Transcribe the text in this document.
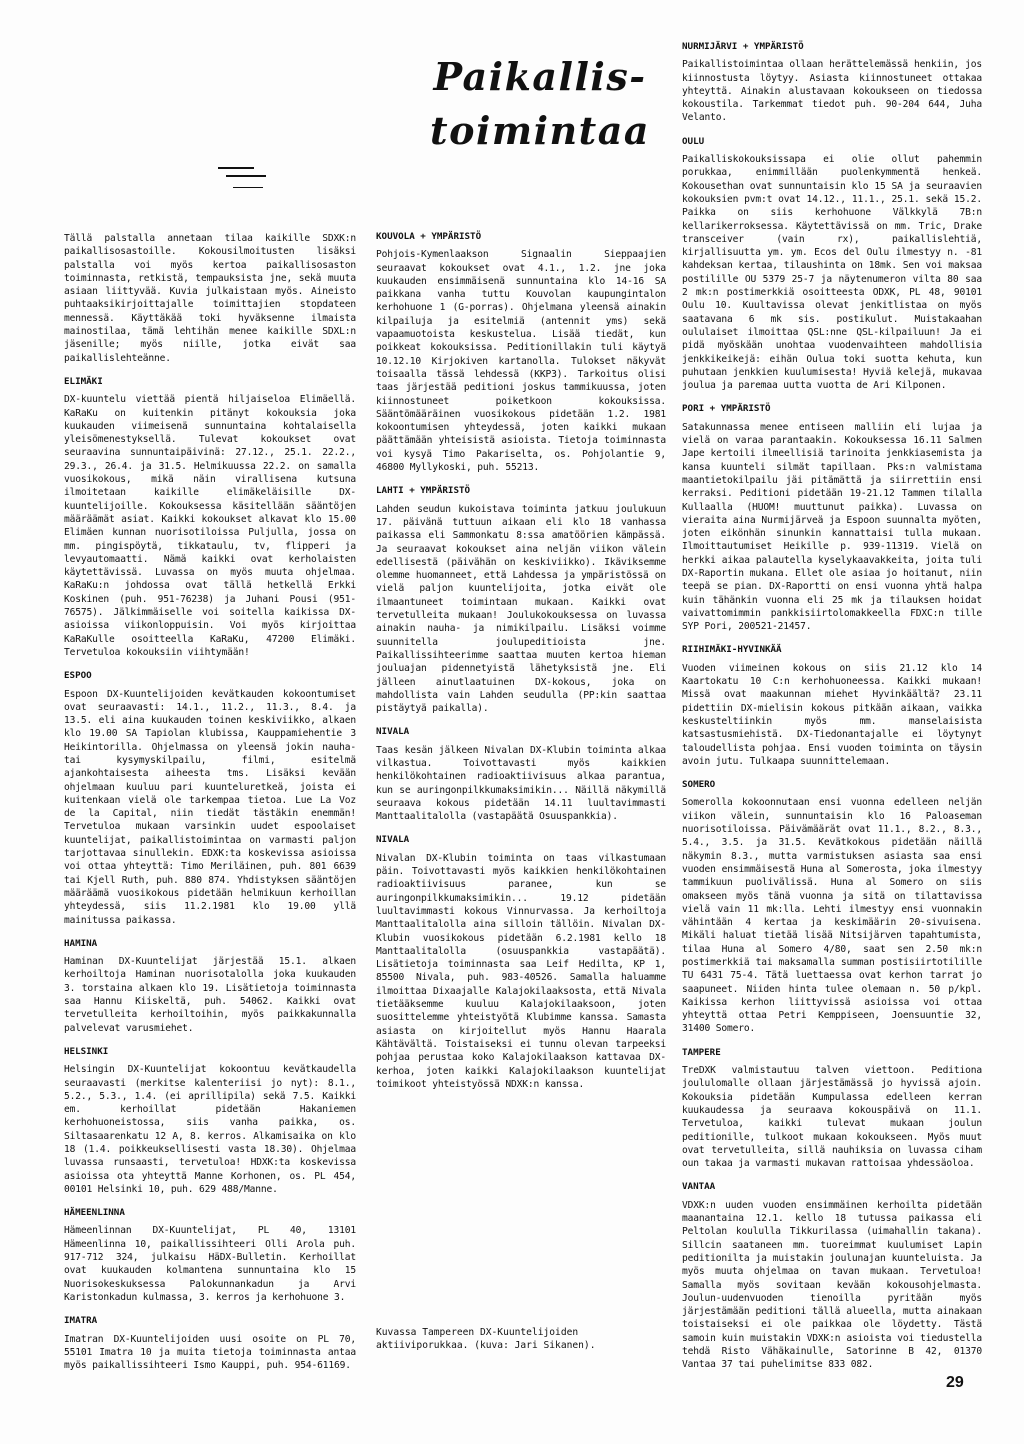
Paikallis-
toimintaa

Tällä palstalla annetaan tilaa kaikille SDXK:n paikallisosastoille. Kokousilmoitusten lisäksi palstalla voi myös kertoa paikallisosaston toiminnasta, retkistä, tempauksista jne, sekä muuta asiaan liittyvää. Kuvia julkaistaan myös. Aineisto puhtaaksikirjoittajalle toimittajien stopdateen mennessä. Käyttäkää toki hyväksenne ilmaista mainostilaa, tämä lehtihän menee kaikille SDXL:n jäsenille; myös niille, jotka eivät saa paikallislehteänne.

ELIMÄKI

DX-kuuntelu viettää pientä hiljaiseloa Elimäellä. KaRaKu on kuitenkin pitänyt kokouksia joka kuukauden viimeisenä sunnuntaina kohtalaisella yleisömenestyksellä. Tulevat kokoukset ovat seuraavina sunnuntaipäivinä: 27.12., 25.1. 22.2., 29.3., 26.4. ja 31.5. Helmikuussa 22.2. on samalla vuosikokous, mikä näin virallisena kutsuna ilmoitetaan kaikille elimäkeläisille DX-kuuntelijoille. Kokouksessa käsitellään sääntöjen määräämät asiat. Kaikki kokoukset alkavat klo 15.00 Elimäen kunnan nuorisotiloissa Puljulla, jossa on mm. pingispöytä, tikkataulu, tv, flipperi ja levyautomaatti. Nämä kaikki ovat kerholaisten käytettävissä. Luvassa on myös muuta ohjelmaa. KaRaKu:n johdossa ovat tällä hetkellä Erkki Koskinen (puh. 951-76238) ja Juhani Pousi (951-76575). Jälkimmäiselle voi soitella kaikissa DX-asioissa viikonloppuisin. Voi myös kirjoittaa KaRaKulle osoitteella KaRaKu, 47200 Elimäki. Tervetuloa kokouksiin viihtymään!

ESPOO

Espoon DX-Kuuntelijoiden kevätkauden kokoontumiset ovat seuraavasti: 14.1., 11.2., 11.3., 8.4. ja 13.5. eli aina kuukauden toinen keskiviikko, alkaen klo 19.00 SA Tapiolan klubissa, Kauppamiehentie 3 Heikintorilla. Ohjelmassa on yleensä jokin nauha- tai kysymyskilpailu, filmi, esitelmä ajankohtaisesta aiheesta tms. Lisäksi kevään ohjelmaan kuuluu pari kuunteluretkeä, joista ei kuitenkaan vielä ole tarkempaa tietoa. Lue La Voz de la Capital, niin tiedät tästäkin enemmän! Tervetuloa mukaan varsinkin uudet espoolaiset kuuntelijat, paikallistoimintaa on varmasti paljon tarjottavaa sinullekin. EDXK:ta koskevissa asioissa voi ottaa yhteyttä: Timo Meriläinen, puh. 801 6639 tai Kjell Ruth, puh. 880 874. Yhdistyksen sääntöjen määräämä vuosikokous pidetään helmikuun kerhoillan yhteydessä, siis 11.2.1981 klo 19.00 yllä mainitussa paikassa.

HAMINA

Haminan DX-Kuuntelijat järjestää 15.1. alkaen kerhoiltoja Haminan nuorisotalolla joka kuukauden 3. torstaina alkaen klo 19. Lisätietoja toiminnasta saa Hannu Kiiskeltä, puh. 54062. Kaikki ovat tervetulleita kerhoiltoihin, myös paikkakunnalla palvelevat varusmiehet.

HELSINKI

Helsingin DX-Kuuntelijat kokoontuu kevätkaudella seuraavasti (merkitse kalenteriisi jo nyt): 8.1., 5.2., 5.3., 1.4. (ei aprillipila) sekä 7.5. Kaikki em. kerhoillat pidetään Hakaniemen kerhohuoneistossa, siis vanha paikka, os. Siltasaarenkatu 12 A, 8. kerros. Alkamisaika on klo 18 (1.4. poikkeuksellisesti vasta 18.30). Ohjelmaa luvassa runsaasti, tervetuloa! HDXK:ta koskevissa asioissa ota yhteyttä Manne Korhonen, os. PL 454, 00101 Helsinki 10, puh. 629 488/Manne.

HÄMEENLINNA

Hämeenlinnan DX-Kuuntelijat, PL 40, 13101 Hämeenlinna 10, paikallissihteeri Olli Arola puh. 917-712 324, julkaisu HäDX-Bulletin. Kerhoillat ovat kuukauden kolmantena sunnuntaina klo 15 Nuorisokeskuksessa Palokunnankadun ja Arvi Karistonkadun kulmassa, 3. kerros ja kerhohuone 3.

IMATRA

Imatran DX-Kuuntelijoiden uusi osoite on PL 70, 55101 Imatra 10 ja muita tietoja toiminnasta antaa myös paikallissihteeri Ismo Kauppi, puh. 954-61169.

KOUVOLA + YMPÄRISTÖ

Pohjois-Kymenlaakson Signaalin Sieppaajien seuraavat kokoukset ovat 4.1., 1.2. jne joka kuukauden ensimmäisenä sunnuntaina klo 14-16 SA paikkana vanha tuttu Kouvolan kaupungintalon kerhohuone 1 (G-porras). Ohjelmana yleensä ainakin kilpailuja ja esitelmiä (antennit yms) sekä vapaamuotoista keskustelua. Lisää tiedät, kun poikkeat kokouksissa. Peditionillakin tuli käytyä 10.12.10 Kirjokiven kartanolla. Tulokset näkyvät toisaalla tässä lehdessä (KKP3). Tarkoitus olisi taas järjestää peditioni joskus tammikuussa, joten kiinnostuneet poiketkoon kokouksissa. Sääntömääräinen vuosikokous pidetään 1.2. 1981 kokoontumisen yhteydessä, joten kaikki mukaan päättämään yhteisistä asioista. Tietoja toiminnasta voi kysyä Timo Pakariselta, os. Pohjolantie 9, 46800 Myllykoski, puh. 55213.

LAHTI + YMPÄRISTÖ

Lahden seudun kukoistava toiminta jatkuu joulukuun 17. päivänä tuttuun aikaan eli klo 18 vanhassa paikassa eli Sammonkatu 8:ssa amatöörien kämpässä. Ja seuraavat kokoukset aina neljän viikon välein edellisestä (päivähän on keskiviikko). Ikäviksemme olemme huomanneet, että Lahdessa ja ympäristössä on vielä paljon kuuntelijoita, jotka eivät ole ilmaantuneet toimintaan mukaan. Kaikki ovat tervetulleita mukaan! Joulukokouksessa on luvassa ainakin nauha- ja nimikilpailu. Lisäksi voimme suunnitella joulupeditioista jne. Paikallissihteerimme saattaa muuten kertoa hieman jouluajan pidennetyistä lähetyksistä jne. Eli jälleen ainutlaatuinen DX-kokous, joka on mahdollista vain Lahden seudulla (PP:kin saattaa pistäytyä paikalla).

NIVALA

Taas kesän jälkeen Nivalan DX-Klubin toiminta alkaa vilkastua. Toivottavasti myös kaikkien henkilökohtainen radioaktiivisuus alkaa parantua, kun se auringonpilkkumaksimikin... Näillä näkymillä seuraava kokous pidetään 14.11 luultavimmasti Manttaalitalolla (vastapäätä Osuuspankkia).

NIVALA

Nivalan DX-Klubin toiminta on taas vilkastumaan päin. Toivottavasti myös kaikkien henkilökohtainen radioaktiivisuus paranee, kun se auringonpilkkumaksimikin... 19.12 pidetään luultavimmasti kokous Vinnurvassa. Ja kerhoiltoja Manttaalitalolla aina silloin tällöin. Nivalan DX-Klubin vuosikokous pidetään 6.2.1981 kello 18 Manttaalitalolla (osuuspankkia vastapäätä). Lisätietoja toiminnasta saa Leif Hedilta, KP 1, 85500 Nivala, puh. 983-40526. Samalla haluamme ilmoittaa Dixaajalle Kalajokilaaksosta, että Nivala tietääksemme kuuluu Kalajokilaaksoon, joten suosittelemme yhteistyötä Klubimme kanssa. Samasta asiasta on kirjoitellut myös Hannu Haarala Kähtävältä. Toistaiseksi ei tunnu olevan tarpeeksi pohjaa perustaa koko Kalajokilaakson kattavaa DX-kerhoa, joten kaikki Kalajokilaakson kuuntelijat toimikoot yhteistyössä NDXK:n kanssa.

Kuvassa Tampereen DX-Kuuntelijoiden aktiiviporukkaa. (kuva: Jari Sikanen).
NURMIJÄRVI + YMPÄRISTÖ

Paikallistoimintaa ollaan herättelemässä henkiin, jos kiinnostusta löytyy. Asiasta kiinnostuneet ottakaa yhteyttä. Ainakin alustavaan kokoukseen on tiedossa kokoustila. Tarkemmat tiedot puh. 90-204 644, Juha Velanto.

OULU

Paikalliskokouksissapa ei olie ollut pahemmin porukkaa, enimmillään puolenkymmentä henkeä. Kokousethan ovat sunnuntaisin klo 15 SA ja seuraavien kokouksien pvm:t ovat 14.12., 11.1., 25.1. sekä 15.2. Paikka on siis kerhohuone Välkkylä 7B:n kellarikerroksessa. Käytettävissä on mm. Tric, Drake transceiver (vain rx), paikallislehtiä, kirjallisuutta ym. ym. Ecos del Oulu ilmestyy n. -81 kahdeksan kertaa, tilaushinta on 18mk. Sen voi maksaa postilille OU 5379 25-7 ja näytenumeron vilta 80 saa 2 mk:n postimerkkiä osoitteesta ODXK, PL 48, 90101 Oulu 10. Kuultavissa olevat jenkitlistaa on myös saatavana 6 mk sis. postikulut. Muistakaahan oululaiset ilmoittaa QSL:nne QSL-kilpailuun! Ja ei pidä myöskään unohtaa vuodenvaihteen mahdollisia jenkkikeikejä: eihän Oulua toki suotta kehuta, kun puhutaan jenkkien kuulumisesta! Hyviä kelejä, mukavaa joulua ja paremaa uutta vuotta de Ari Kilponen.

PORI + YMPÄRISTÖ

Satakunnassa menee entiseen malliin eli lujaa ja vielä on varaa parantaakin. Kokouksessa 16.11 Salmen Jape kertoili ilmeellisiä tarinoita jenkkiasemista ja kansa kuunteli silmät tapillaan. Pks:n valmistama maantietokilpailu jäi pitämättä ja siirrettiin ensi kerraksi. Peditioni pidetään 19-21.12 Tammen tilalla Kullaalla (HUOM! muuttunut paikka). Luvassa on vieraita aina Nurmijärveä ja Espoon suunnalta myöten, joten eikönhän sinunkin kannattaisi tulla mukaan. Ilmoittautumiset Heikille p. 939-11319. Vielä on herkki aikaa palautella kyselykaavakkeita, joita tuli DX-Raportin mukana. Ellet ole asiaa jo hoitanut, niin teepä se pian. DX-Raportti on ensi vuonna yhtä halpa kuin tähänkin vuonna eli 25 mk ja tilauksen hoidat vaivattomimmin pankkisiirtolomakkeella FDXC:n tille SYP Pori, 200521-21457.

RIIHIMÄKI-HYVINKÄÄ

Vuoden viimeinen kokous on siis 21.12 klo 14 Kaartokatu 10 C:n kerhohuoneessa. Kaikki mukaan! Missä ovat maakunnan miehet Hyvinkäältä? 23.11 pidettiin DX-mielisin kokous pitkään aikaan, vaikka keskusteltiinkin myös mm. manselaisista katsastusmiehistä. DX-Tiedonantajalle ei löytynyt taloudellista pohjaa. Ensi vuoden toiminta on täysin avoin jutu. Tulkaapa suunnittelemaan.

SOMERO

Somerolla kokoonnutaan ensi vuonna edelleen neljän viikon välein, sunnuntaisin klo 16 Paloaseman nuorisotiloissa. Päivämäärät ovat 11.1., 8.2., 8.3., 5.4., 3.5. ja 31.5. Kevätkokous pidetään näillä näkymin 8.3., mutta varmistuksen asiasta saa ensi vuoden ensimmäisestä Huna al Somerosta, joka ilmestyy tammikuun puolivälissä. Huna al Somero on siis omakseen myös tänä vuonna ja sitä on tilattavissa vielä vain 11 mk:lla. Lehti ilmestyy ensi vuonnakin vähintään 4 kertaa ja keskimäärin 20-sivuisena. Mikäli haluat tietää lisää Nitsijärven tapahtumista, tilaa Huna al Somero 4/80, saat sen 2.50 mk:n postimerkkiä tai maksamalla summan postisiirtotilille TU 6431 75-4. Tätä luettaessa ovat kerhon tarrat jo saapuneet. Niiden hinta tulee olemaan n. 50 p/kpl. Kaikissa kerhon liittyvissä asioissa voi ottaa yhteyttä ottaa Petri Kemppiseen, Joensuuntie 32, 31400 Somero.

TAMPERE

TreDXK valmistautuu talven viettoon. Peditiona joululomalle ollaan järjestämässä jo hyvissä ajoin. Kokouksia pidetään Kumpulassa edelleen kerran kuukaudessa ja seuraava kokouspäivä on 11.1. Tervetuloa, kaikki tulevat mukaan joulun peditionille, tulkoot mukaan kokoukseen. Myös muut ovat tervetulleita, sillä nauhiksia on luvassa ciham oun takaa ja varmasti mukavan rattoisaa yhdessäoloa.

VANTAA

VDXK:n uuden vuoden ensimmäinen kerhoilta pidetään maanantaina 12.1. kello 18 tutussa paikassa eli Peltolan koululla Tikkurilassa (uimahallin takana). Sillcin saataneen mm. tuoreimmat kuulumiset Lapin peditionilta ja muistakin joulunajan kuunteluista. Ja myös muuta ohjelmaa on tavan mukaan. Tervetuloa! Samalla myös sovitaan kevään kokousohjelmasta. Joulun-uudenvuoden tienoilla pyritään myös järjestämään peditioni tällä alueella, mutta ainakaan toistaiseksi ei ole paikkaa ole löydetty. Tästä samoin kuin muistakin VDXK:n asioista voi tiedustella tehdä Risto Vähäkainulle, Satorinne B 42, 01370 Vantaa 37 tai puhelimitse 833 082.

29
